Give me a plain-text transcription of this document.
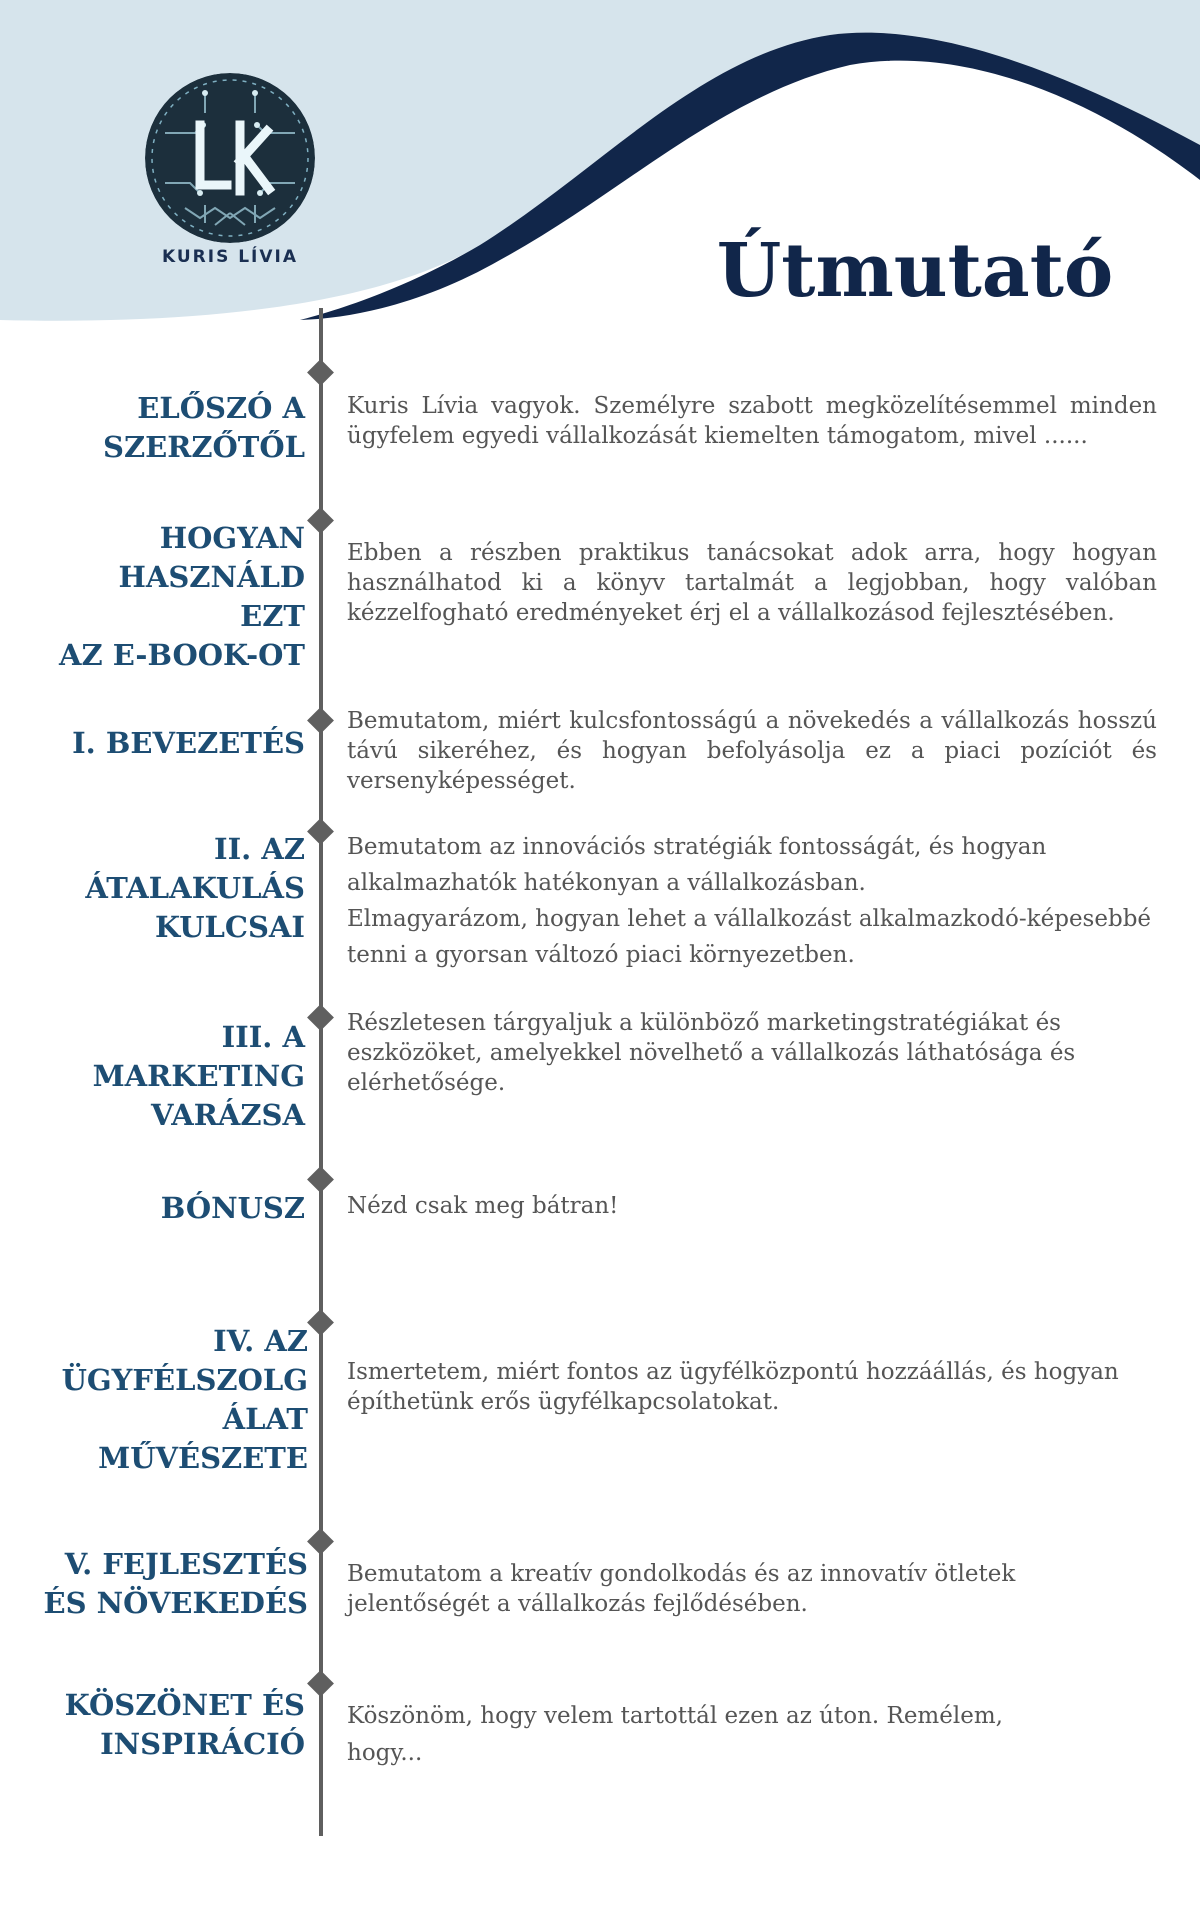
KURIS LÍVIA	Útmutató
ELŐSZÓ A
SZERZŐTŐL

Kuris Lívia vagyok. Személyre szabott megközelítésemmel minden ügyfelem egyedi vállalkozását kiemelten támogatom, mivel ......

HOGYAN
HASZNÁLD
EZT
AZ E-BOOK-OT

Ebben a részben praktikus tanácsokat adok arra, hogy hogyan használhatod ki a könyv tartalmát a legjobban, hogy valóban kézzelfogható eredményeket érj el a vállalkozásod fejlesztésében.

I. BEVEZETÉS

Bemutatom, miért kulcsfontosságú a növekedés a vállalkozás hosszú távú sikeréhez, és hogyan befolyásolja ez a piaci pozíciót és versenyképességet.

II. AZ
ÁTALAKULÁS
KULCSAI

Bemutatom az innovációs stratégiák fontosságát, és hogyan alkalmazhatók hatékonyan a vállalkozásban.

Elmagyarázom, hogyan lehet a vállalkozást alkalmazkodó-képesebbé tenni a gyorsan változó piaci környezetben.

III. A
MARKETING
VARÁZSA

Részletesen tárgyaljuk a különböző marketingstratégiákat és eszközöket, amelyekkel növelhető a vállalkozás láthatósága és elérhetősége.

BÓNUSZ Nézd csak meg bátran!

IV. AZ
ÜGYFÉLSZOLG
ÁLAT
MŰVÉSZETE

Ismertetem, miért fontos az ügyfélközpontú hozzáállás, és hogyan építhetünk erős ügyfélkapcsolatokat.

V. FEJLESZTÉS
ÉS NÖVEKEDÉS

Bemutatom a kreatív gondolkodás és az innovatív ötletek jelentőségét a vállalkozás fejlődésében.

KÖSZÖNET ÉS
INSPIRÁCIÓ

Köszönöm, hogy velem tartottál ezen az úton. Remélem, hogy...
